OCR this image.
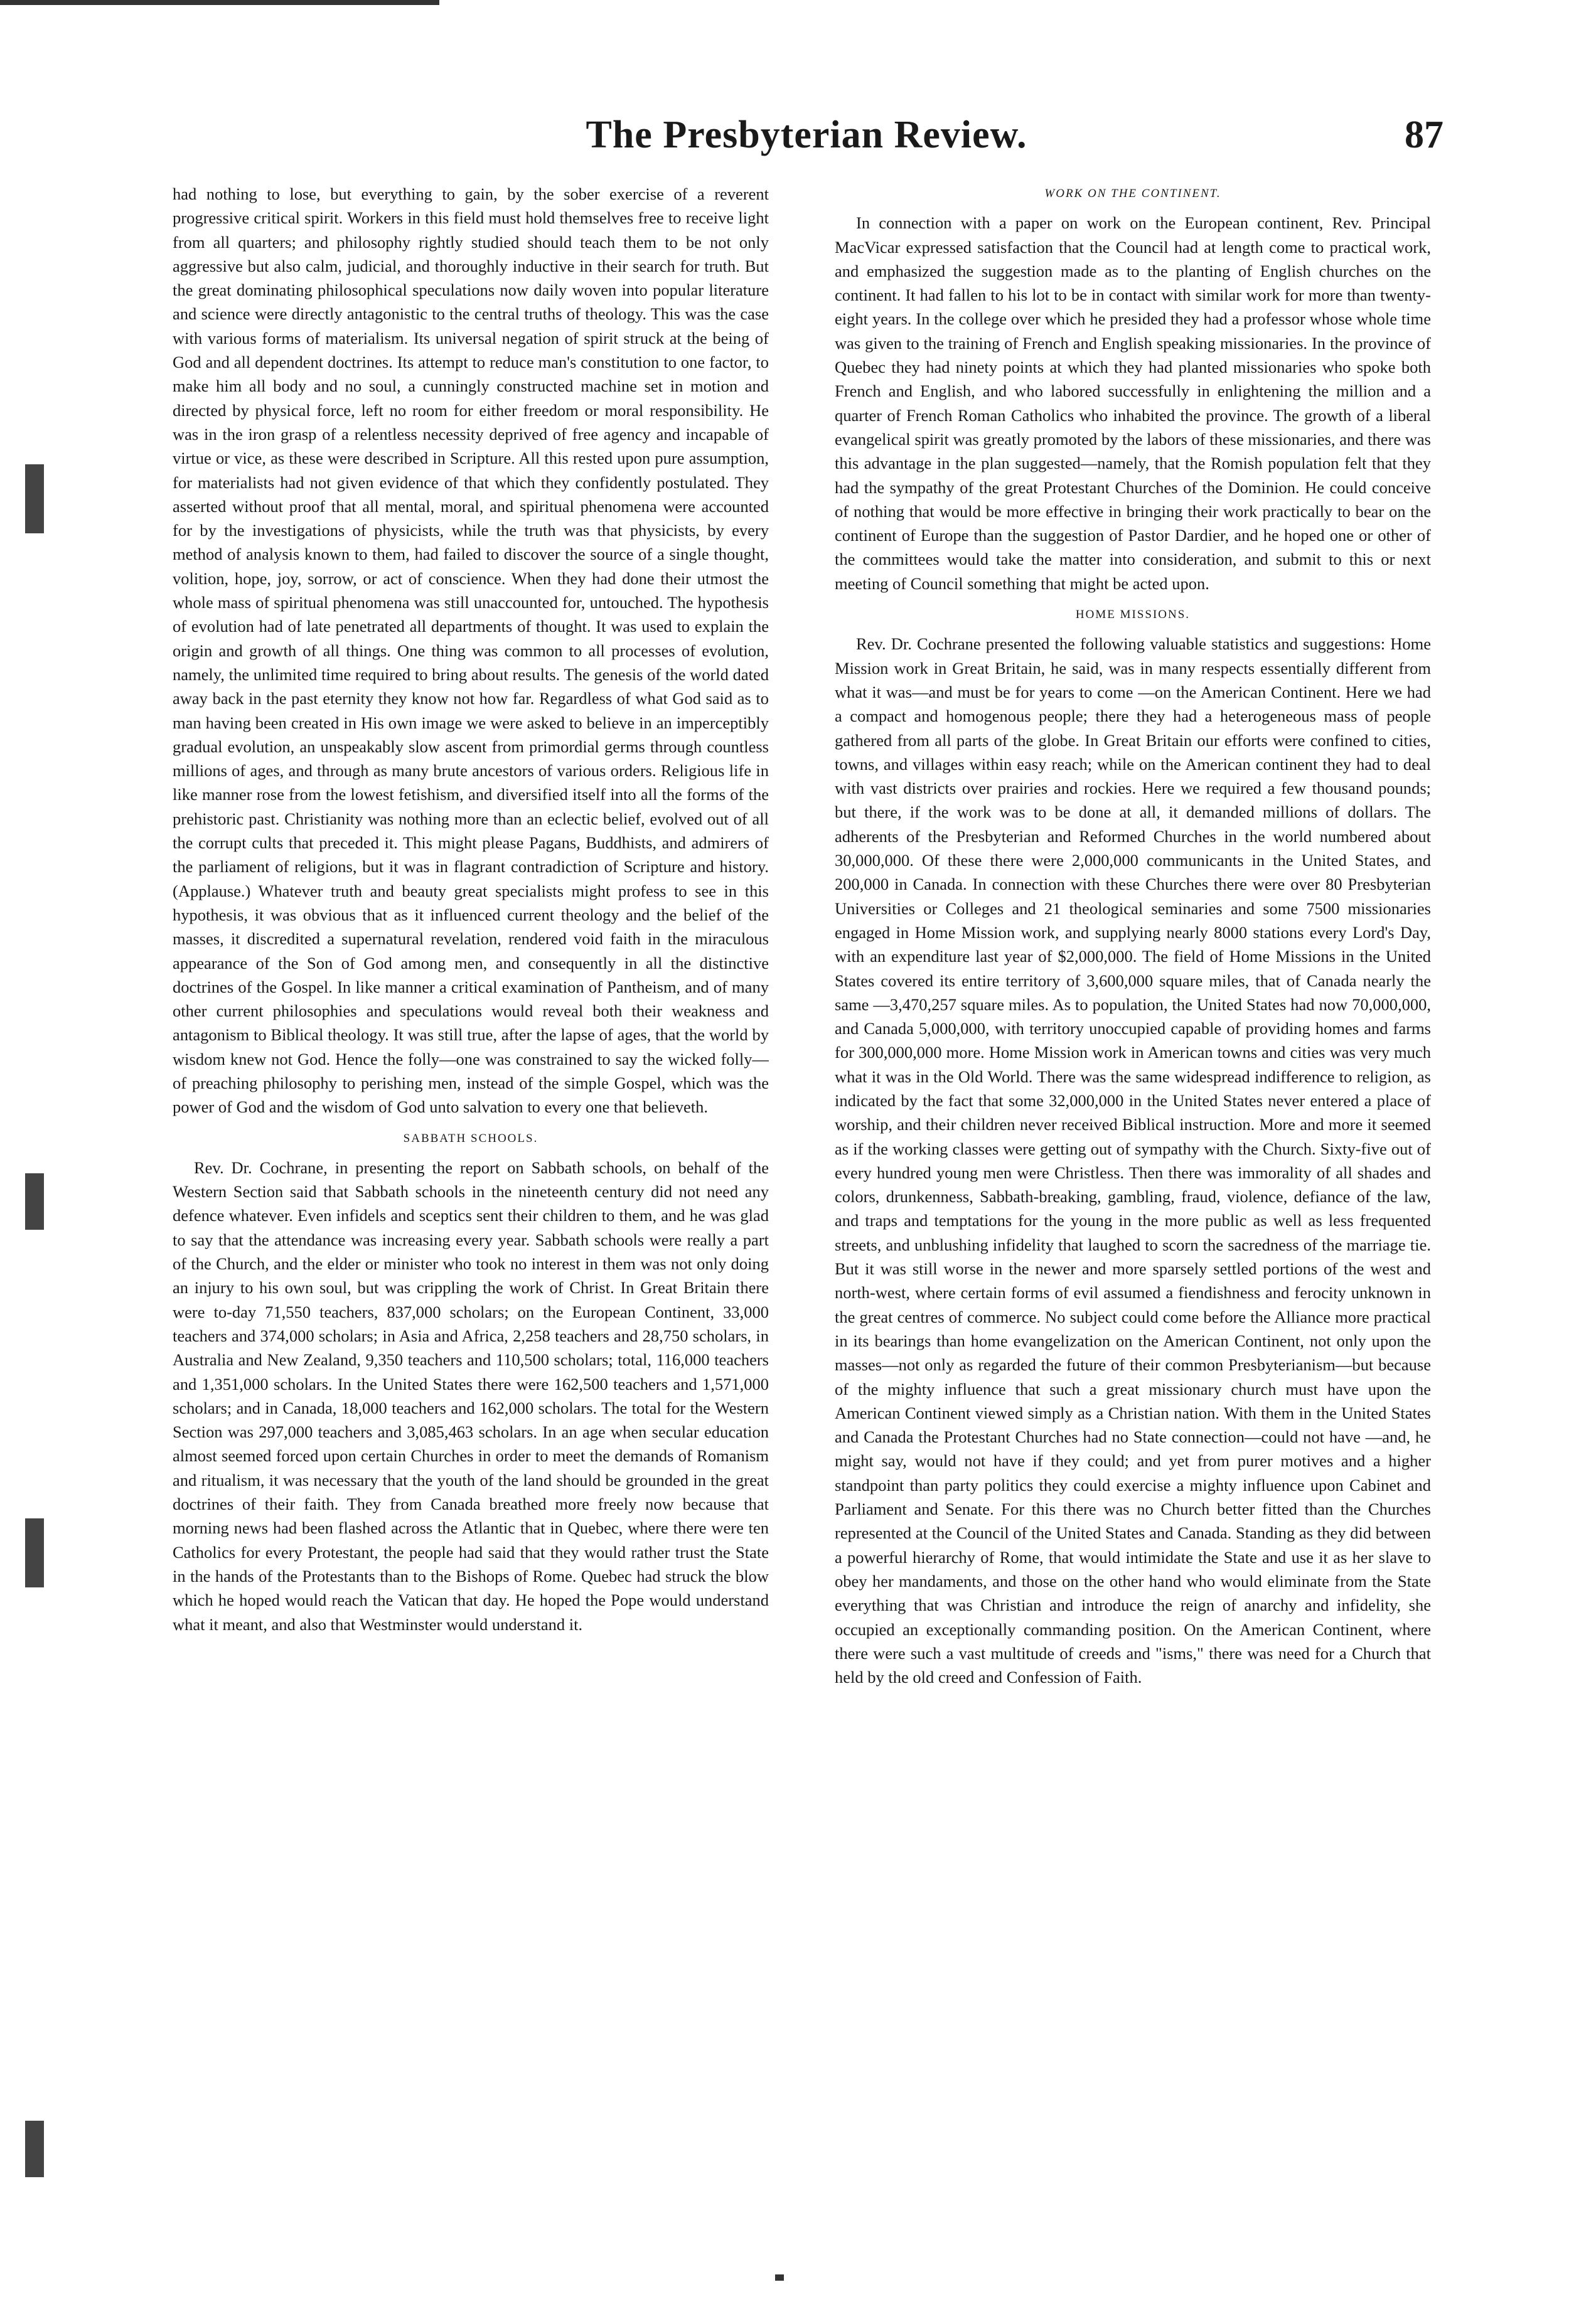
The Presbyterian Review.	87

had nothing to lose, but everything to gain, by the sober exercise of a reverent progressive critical spirit. Workers in this field must hold themselves free to receive light from all quarters; and philosophy rightly studied should teach them to be not only aggressive but also calm, judicial, and thoroughly inductive in their search for truth. But the great dominating philosophical speculations now daily woven into popular literature and science were directly antagonistic to the central truths of theology. This was the case with various forms of materialism. Its universal negation of spirit struck at the being of God and all dependent doctrines. Its attempt to reduce man's constitution to one factor, to make him all body and no soul, a cunningly constructed machine set in motion and directed by physical force, left no room for either freedom or moral responsibility. He was in the iron grasp of a relentless necessity deprived of free agency and incapable of virtue or vice, as these were described in Scripture. All this rested upon pure assumption, for materialists had not given evidence of that which they confidently postulated. They asserted without proof that all mental, moral, and spiritual phenomena were accounted for by the investigations of physicists, while the truth was that physicists, by every method of analysis known to them, had failed to discover the source of a single thought, volition, hope, joy, sorrow, or act of conscience. When they had done their utmost the whole mass of spiritual phenomena was still unaccounted for, untouched. The hypothesis of evolution had of late penetrated all departments of thought. It was used to explain the origin and growth of all things. One thing was common to all processes of evolution, namely, the unlimited time required to bring about results. The genesis of the world dated away back in the past eternity they know not how far. Regardless of what God said as to man having been created in His own image we were asked to believe in an imperceptibly gradual evolution, an unspeakably slow ascent from primordial germs through countless millions of ages, and through as many brute ancestors of various orders. Religious life in like manner rose from the lowest fetishism, and diversified itself into all the forms of the prehistoric past. Christianity was nothing more than an eclectic belief, evolved out of all the corrupt cults that preceded it. This might please Pagans, Buddhists, and admirers of the parliament of religions, but it was in flagrant contradiction of Scripture and history. (Applause.) Whatever truth and beauty great specialists might profess to see in this hypothesis, it was obvious that as it influenced current theology and the belief of the masses, it discredited a supernatural revelation, rendered void faith in the miraculous appearance of the Son of God among men, and consequently in all the distinctive doctrines of the Gospel. In like manner a critical examination of Pantheism, and of many other current philosophies and speculations would reveal both their weakness and antagonism to Biblical theology. It was still true, after the lapse of ages, that the world by wisdom knew not God. Hence the folly—one was constrained to say the wicked folly—of preaching philosophy to perishing men, instead of the simple Gospel, which was the power of God and the wisdom of God unto salvation to every one that believeth.

SABBATH SCHOOLS.

Rev. Dr. Cochrane, in presenting the report on Sabbath schools, on behalf of the Western Section said that Sabbath schools in the nineteenth century did not need any defence whatever. Even infidels and sceptics sent their children to them, and he was glad to say that the attendance was increasing every year. Sabbath schools were really a part of the Church, and the elder or minister who took no interest in them was not only doing an injury to his own soul, but was crippling the work of Christ. In Great Britain there were to-day 71,550 teachers, 837,000 scholars; on the European Continent, 33,000 teachers and 374,000 scholars; in Asia and Africa, 2,258 teachers and 28,750 scholars, in Australia and New Zealand, 9,350 teachers and 110,500 scholars; total, 116,000 teachers and 1,351,000 scholars. In the United States there were 162,500 teachers and 1,571,000 scholars; and in Canada, 18,000 teachers and 162,000 scholars. The total for the Western Section was 297,000 teachers and 3,085,463 scholars. In an age when secular education almost seemed forced upon certain Churches in order to meet the demands of Romanism and ritualism, it was necessary that the youth of the land should be grounded in the great doctrines of their faith. They from Canada breathed more freely now because that morning news had been flashed across the Atlantic that in Quebec, where there were ten Catholics for every Protestant, the people had said that they would rather trust the State in the hands of the Protestants than to the Bishops of Rome. Quebec had struck the blow which he hoped would reach the Vatican that day. He hoped the Pope would understand what it meant, and also that Westminster would understand it.

WORK ON THE CONTINENT.

In connection with a paper on work on the European continent, Rev. Principal MacVicar expressed satisfaction that the Council had at length come to practical work, and emphasized the suggestion made as to the planting of English churches on the continent. It had fallen to his lot to be in contact with similar work for more than twenty-eight years. In the college over which he presided they had a professor whose whole time was given to the training of French and English speaking missionaries. In the province of Quebec they had ninety points at which they had planted missionaries who spoke both French and English, and who labored successfully in enlightening the million and a quarter of French Roman Catholics who inhabited the province. The growth of a liberal evangelical spirit was greatly promoted by the labors of these missionaries, and there was this advantage in the plan suggested—namely, that the Romish population felt that they had the sympathy of the great Protestant Churches of the Dominion. He could conceive of nothing that would be more effective in bringing their work practically to bear on the continent of Europe than the suggestion of Pastor Dardier, and he hoped one or other of the committees would take the matter into consideration, and submit to this or next meeting of Council something that might be acted upon.

HOME MISSIONS.

Rev. Dr. Cochrane presented the following valuable statistics and suggestions: Home Mission work in Great Britain, he said, was in many respects essentially different from what it was—and must be for years to come —on the American Continent. Here we had a compact and homogenous people; there they had a heterogeneous mass of people gathered from all parts of the globe. In Great Britain our efforts were confined to cities, towns, and villages within easy reach; while on the American continent they had to deal with vast districts over prairies and rockies. Here we required a few thousand pounds; but there, if the work was to be done at all, it demanded millions of dollars. The adherents of the Presbyterian and Reformed Churches in the world numbered about 30,000,000. Of these there were 2,000,000 communicants in the United States, and 200,000 in Canada. In connection with these Churches there were over 80 Presbyterian Universities or Colleges and 21 theological seminaries and some 7500 missionaries engaged in Home Mission work, and supplying nearly 8000 stations every Lord's Day, with an expenditure last year of $2,000,000. The field of Home Missions in the United States covered its entire territory of 3,600,000 square miles, that of Canada nearly the same —3,470,257 square miles. As to population, the United States had now 70,000,000, and Canada 5,000,000, with territory unoccupied capable of providing homes and farms for 300,000,000 more. Home Mission work in American towns and cities was very much what it was in the Old World. There was the same widespread indifference to religion, as indicated by the fact that some 32,000,000 in the United States never entered a place of worship, and their children never received Biblical instruction. More and more it seemed as if the working classes were getting out of sympathy with the Church. Sixty-five out of every hundred young men were Christless. Then there was immorality of all shades and colors, drunkenness, Sabbath-breaking, gambling, fraud, violence, defiance of the law, and traps and temptations for the young in the more public as well as less frequented streets, and unblushing infidelity that laughed to scorn the sacredness of the marriage tie. But it was still worse in the newer and more sparsely settled portions of the west and north-west, where certain forms of evil assumed a fiendishness and ferocity unknown in the great centres of commerce. No subject could come before the Alliance more practical in its bearings than home evangelization on the American Continent, not only upon the masses—not only as regarded the future of their common Presbyterianism—but because of the mighty influence that such a great missionary church must have upon the American Continent viewed simply as a Christian nation. With them in the United States and Canada the Protestant Churches had no State connection—could not have —and, he might say, would not have if they could; and yet from purer motives and a higher standpoint than party politics they could exercise a mighty influence upon Cabinet and Parliament and Senate. For this there was no Church better fitted than the Churches represented at the Council of the United States and Canada. Standing as they did between a powerful hierarchy of Rome, that would intimidate the State and use it as her slave to obey her mandaments, and those on the other hand who would eliminate from the State everything that was Christian and introduce the reign of anarchy and infidelity, she occupied an exceptionally commanding position. On the American Continent, where there were such a vast multitude of creeds and "isms," there was need for a Church that held by the old creed and Confession of Faith.
